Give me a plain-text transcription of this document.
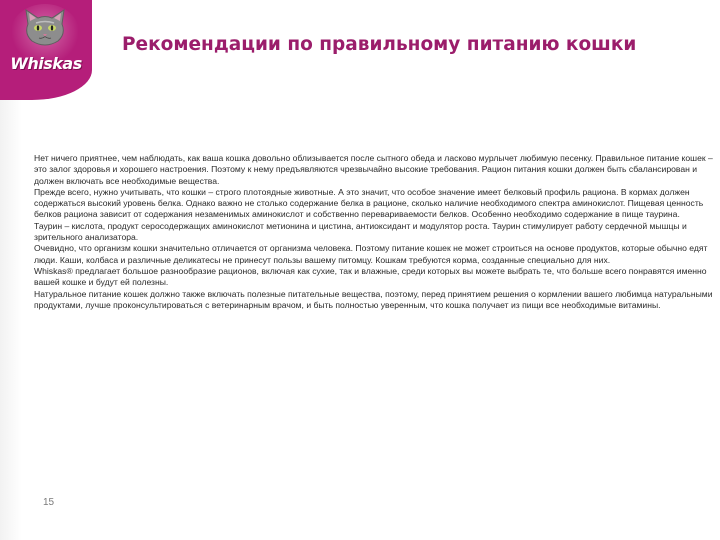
Whiskas
Рекомендации по правильному питанию кошки

Нет ничего приятнее, чем наблюдать, как ваша кошка довольно облизывается после сытного обеда и ласково мурлычет любимую песенку. Правильное питание кошек – это залог здоровья и хорошего настроения. Поэтому к нему предъявляются чрезвычайно высокие требования. Рацион питания кошки должен быть сбалансирован и должен включать все необходимые вещества.

Прежде всего, нужно учитывать, что кошки – строго плотоядные животные. А это значит, что особое значение имеет белковый профиль рациона. В кормах должен содержаться высокий уровень белка. Однако важно не столько содержание белка в рационе, сколько наличие необходимого спектра аминокислот. Пищевая ценность белков рациона зависит от содержания незаменимых аминокислот и собственно перевариваемости белков. Особенно необходимо содержание в пище таурина.

Таурин – кислота, продукт серосодержащих аминокислот метионина и цистина, антиоксидант и модулятор роста. Таурин стимулирует работу сердечной мышцы и зрительного анализатора.

Очевидно, что организм кошки значительно отличается от организма человека. Поэтому питание кошек не может строиться на основе продуктов, которые обычно едят люди. Каши, колбаса и различные деликатесы не принесут пользы вашему питомцу. Кошкам требуются корма, созданные специально для них.

Whiskas® предлагает большое разнообразие рационов, включая как сухие, так и влажные, среди которых вы можете выбрать те, что больше всего понравятся именно вашей кошке и будут ей полезны.

Натуральное питание кошек должно также включать полезные питательные вещества, поэтому, перед принятием решения о кормлении вашего любимца натуральными продуктами, лучше проконсультироваться с ветеринарным врачом, и быть полностью уверенным, что кошка получает из пищи все необходимые витамины.

15
